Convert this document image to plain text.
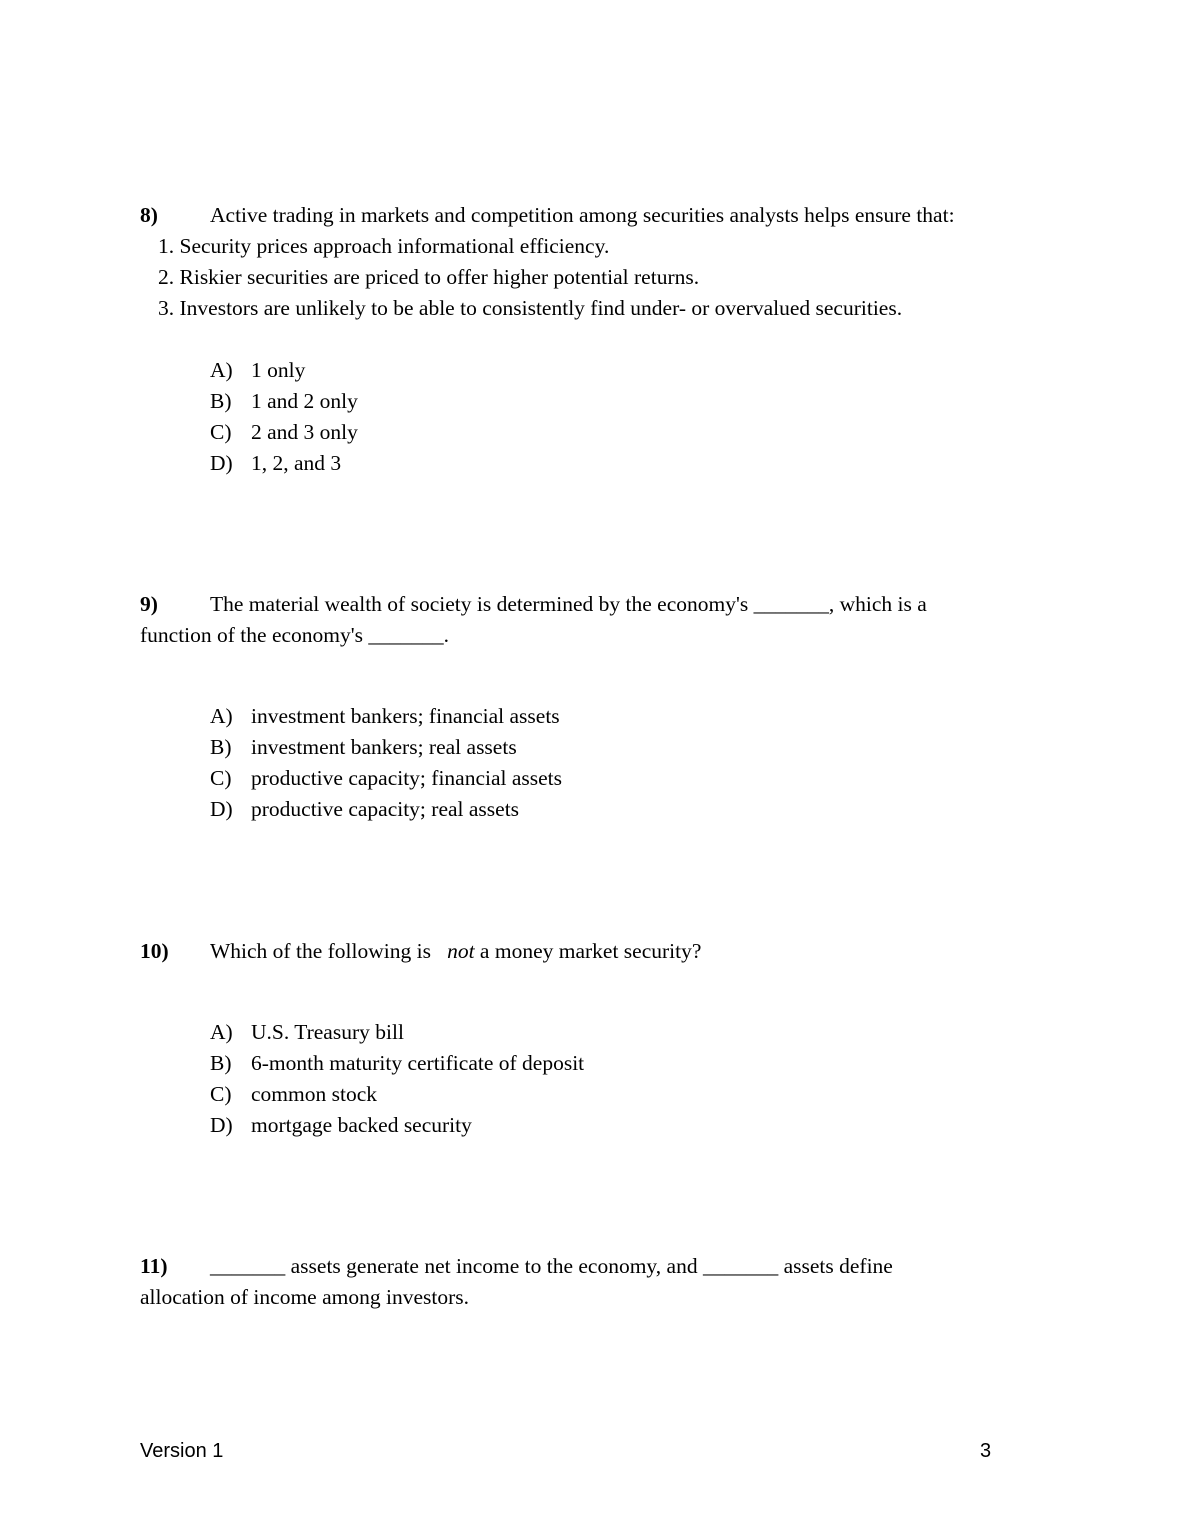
8) Active trading in markets and competition among securities analysts helps ensure that:
1. Security prices approach informational efficiency.
2. Riskier securities are priced to offer higher potential returns.
3. Investors are unlikely to be able to consistently find under- or overvalued securities.
A) 1 only
B) 1 and 2 only
C) 2 and 3 only
D) 1, 2, and 3
9) The material wealth of society is determined by the economy's _______, which is a
function of the economy's _______.
A) investment bankers; financial assets
B) investment bankers; real assets
C) productive capacity; financial assets
D) productive capacity; real assets
10) Which of the following is not a money market security?
A) U.S. Treasury bill
B) 6-month maturity certificate of deposit
C) common stock
D) mortgage backed security
11) _______ assets generate net income to the economy, and _______ assets define
allocation of income among investors.
Version 1	3
